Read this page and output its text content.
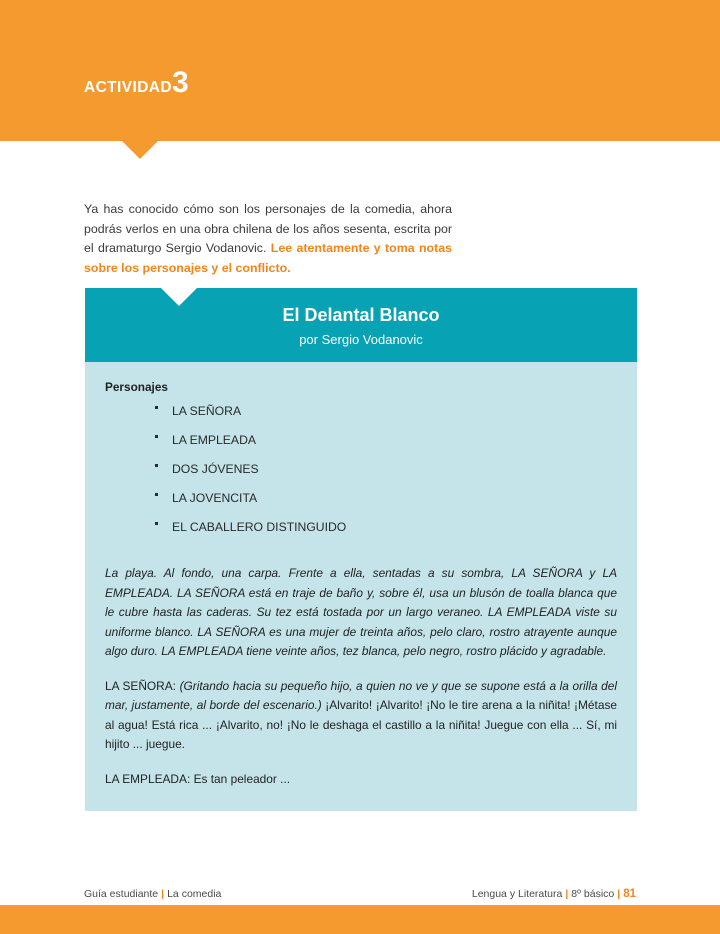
ACTIVIDAD 3

Ya has conocido cómo son los personajes de la comedia, ahora podrás verlos en una obra chilena de los años sesenta, escrita por el dramaturgo Sergio Vodanovic. Lee atentamente y toma notas sobre los personajes y el conflicto.

El Delantal Blanco

por Sergio Vodanovic

Personajes

LA SEÑORA
LA EMPLEADA
DOS JÓVENES
LA JOVENCITA
EL CABALLERO DISTINGUIDO

La playa. Al fondo, una carpa. Frente a ella, sentadas a su sombra, LA SEÑORA y LA EMPLEADA. LA SEÑORA está en traje de baño y, sobre él, usa un blusón de toalla blanca que le cubre hasta las caderas. Su tez está tostada por un largo veraneo. LA EMPLEADA viste su uniforme blanco. LA SEÑORA es una mujer de treinta años, pelo claro, rostro atrayente aunque algo duro. LA EMPLEADA tiene veinte años, tez blanca, pelo negro, rostro plácido y agradable.

LA SEÑORA: (Gritando hacia su pequeño hijo, a quien no ve y que se supone está a la orilla del mar, justamente, al borde del escenario.) ¡Alvarito! ¡Alvarito! ¡No le tire arena a la niñita! ¡Métase al agua! Está rica ... ¡Alvarito, no! ¡No le deshaga el castillo a la niñita! Juegue con ella ... Sí, mi hijito ... juegue.

LA EMPLEADA: Es tan peleador ...

Guía estudiante | La comedia	Lengua y Literatura | 8º básico | 81
